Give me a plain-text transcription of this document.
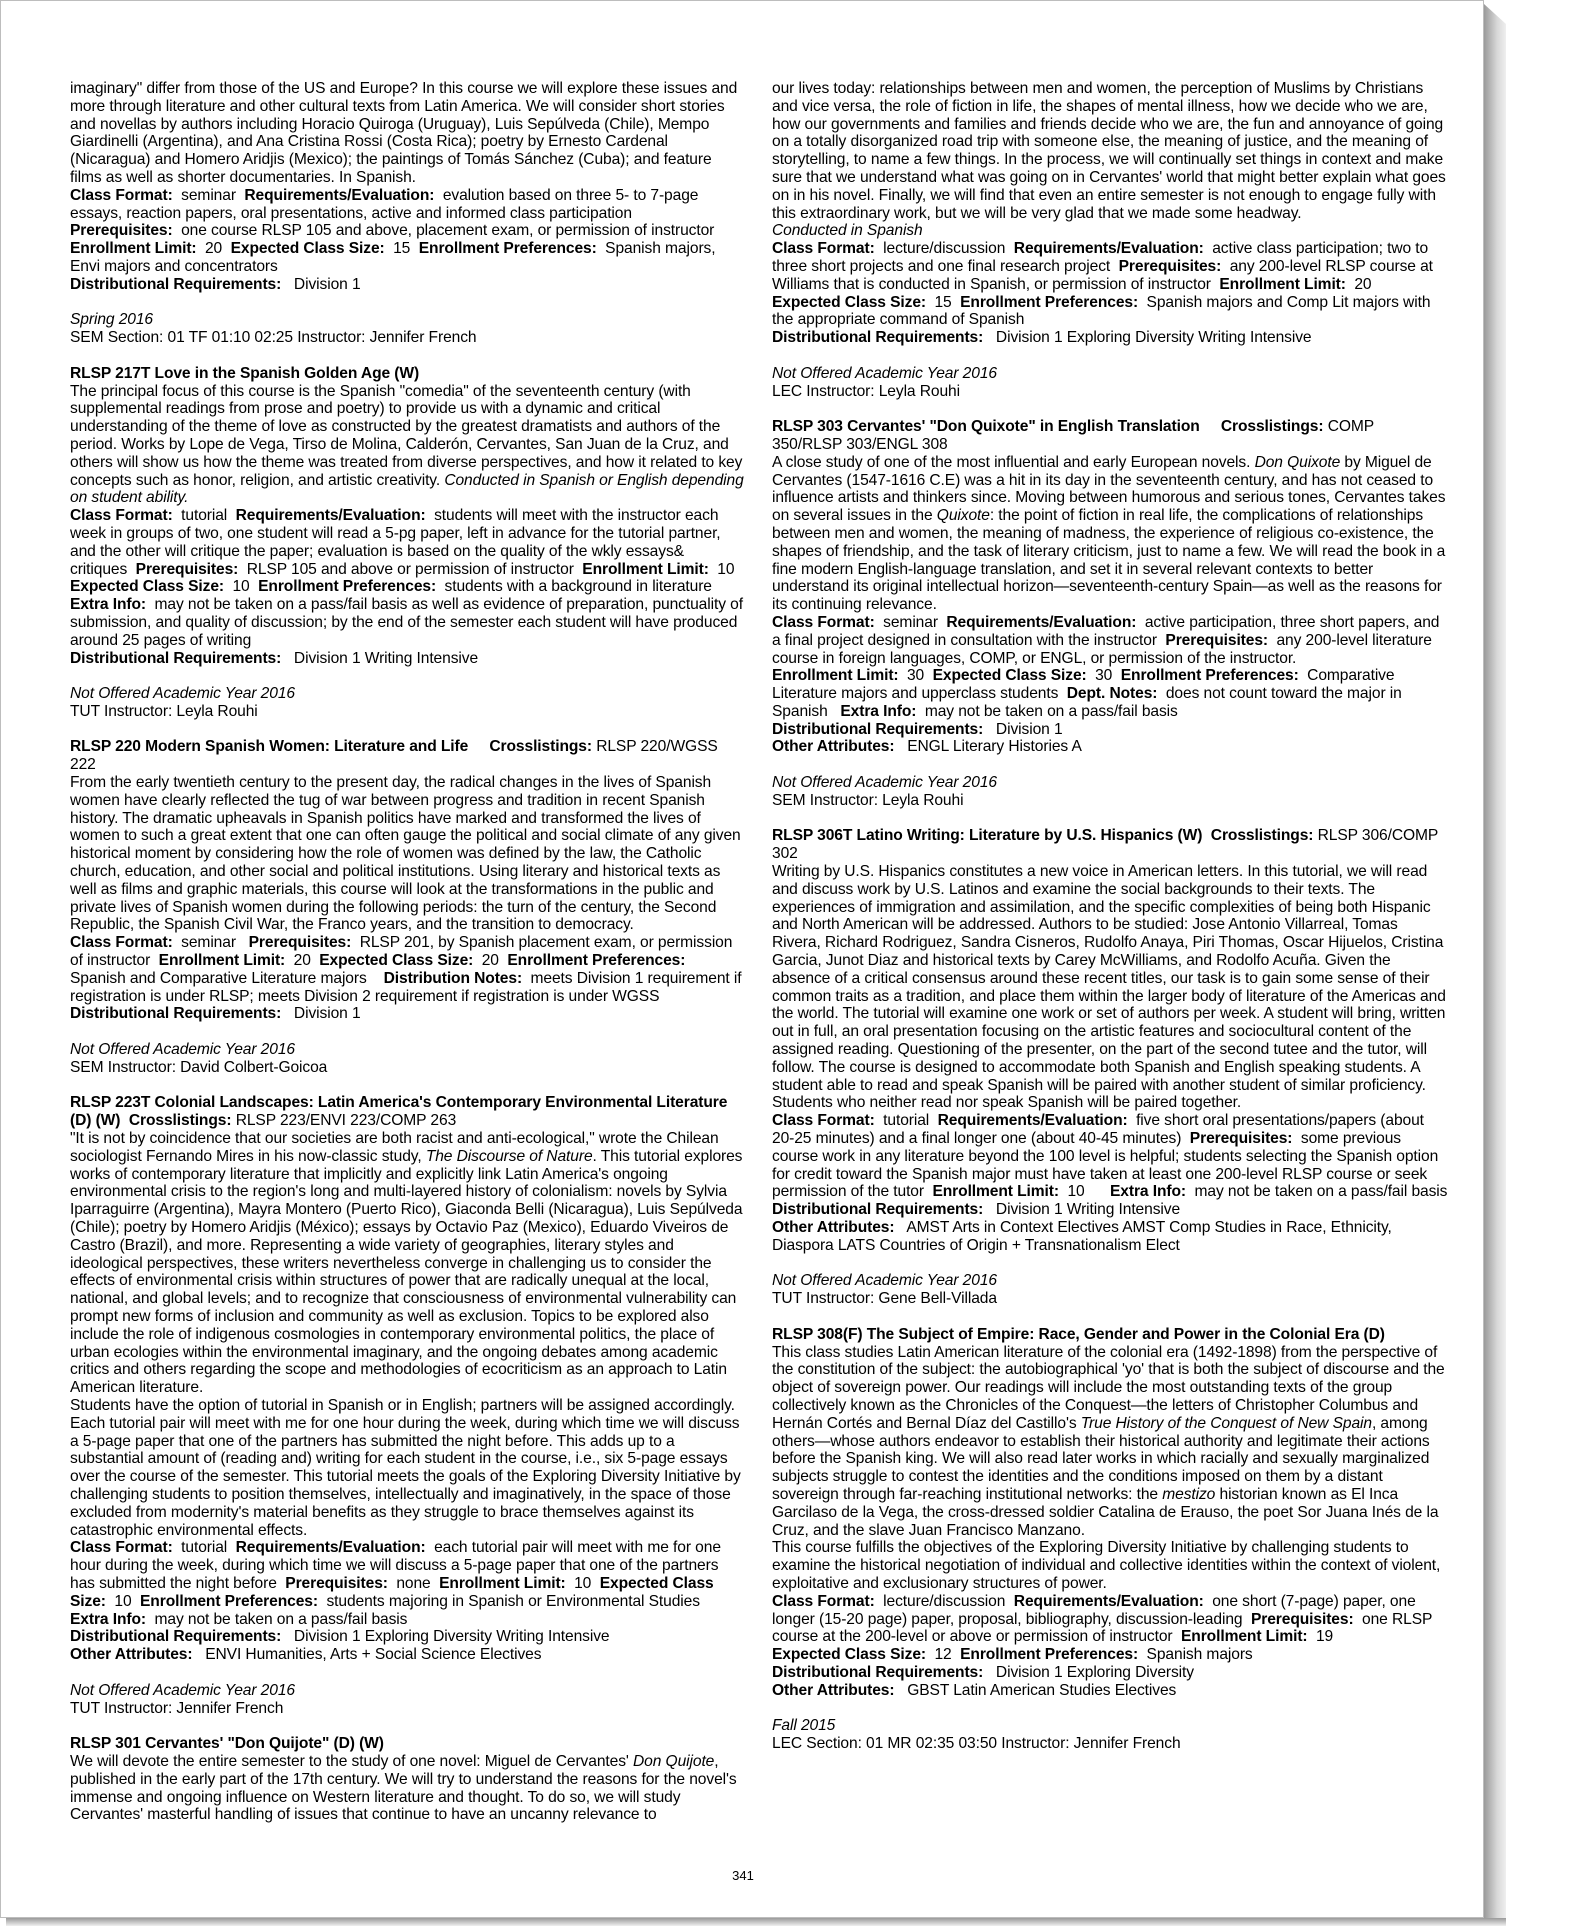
imaginary" differ from those of the US and Europe? In this course we will explore these issues and more through literature and other cultural texts from Latin America. We will consider short stories and novellas by authors including Horacio Quiroga (Uruguay), Luis Sepúlveda (Chile), Mempo Giardinelli (Argentina), and Ana Cristina Rossi (Costa Rica); poetry by Ernesto Cardenal (Nicaragua) and Homero Aridjis (Mexico); the paintings of Tomás Sánchez (Cuba); and feature films as well as shorter documentaries. In Spanish.

Class Format: seminar Requirements/Evaluation: evalution based on three 5- to 7-page essays, reaction papers, oral presentations, active and informed class participation
Prerequisites: one course RLSP 105 and above, placement exam, or permission of instructor
Enrollment Limit: 20 Expected Class Size: 15 Enrollment Preferences: Spanish majors, Envi majors and concentrators
Distributional Requirements: Division 1

Spring 2016

SEM Section: 01 TF 01:10 02:25 Instructor: Jennifer French

RLSP 217T Love in the Spanish Golden Age (W)

The principal focus of this course is the Spanish "comedia" of the seventeenth century (with supplemental readings from prose and poetry) to provide us with a dynamic and critical understanding of the theme of love as constructed by the greatest dramatists and authors of the period. Works by Lope de Vega, Tirso de Molina, Calderón, Cervantes, San Juan de la Cruz, and others will show us how the theme was treated from diverse perspectives, and how it related to key concepts such as honor, religion, and artistic creativity. Conducted in Spanish or English depending on student ability.

Class Format: tutorial Requirements/Evaluation: students will meet with the instructor each week in groups of two, one student will read a 5-pg paper, left in advance for the tutorial partner, and the other will critique the paper; evaluation is based on the quality of the wkly essays& critiques Prerequisites: RLSP 105 and above or permission of instructor Enrollment Limit: 10  Expected Class Size: 10 Enrollment Preferences: students with a background in literature     Extra Info: may not be taken on a pass/fail basis as well as evidence of preparation, punctuality of submission, and quality of discussion; by the end of the semester each student will have produced around 25 pages of writing
Distributional Requirements: Division 1 Writing Intensive

Not Offered Academic Year 2016

TUT Instructor: Leyla Rouhi

RLSP 220 Modern Spanish Women: Literature and Life Crosslistings: RLSP 220/WGSS 222

From the early twentieth century to the present day, the radical changes in the lives of Spanish women have clearly reflected the tug of war between progress and tradition in recent Spanish history. The dramatic upheavals in Spanish politics have marked and transformed the lives of women to such a great extent that one can often gauge the political and social climate of any given historical moment by considering how the role of women was defined by the law, the Catholic church, education, and other social and political institutions. Using literary and historical texts as well as films and graphic materials, this course will look at the transformations in the public and private lives of Spanish women during the following periods: the turn of the century, the Second Republic, the Spanish Civil War, the Franco years, and the transition to democracy.

Class Format: seminar Prerequisites: RLSP 201, by Spanish placement exam, or permission of instructor Enrollment Limit: 20 Expected Class Size: 20 Enrollment Preferences:  Spanish and Comparative Literature majors Distribution Notes: meets Division 1 requirement if registration is under RLSP; meets Division 2 requirement if registration is under WGSS
Distributional Requirements: Division 1

Not Offered Academic Year 2016

SEM Instructor: David Colbert-Goicoa

RLSP 223T Colonial Landscapes: Latin America's Contemporary Environmental Literature (D) (W) Crosslistings: RLSP 223/ENVI 223/COMP 263

"It is not by coincidence that our societies are both racist and anti-ecological," wrote the Chilean sociologist Fernando Mires in his now-classic study, The Discourse of Nature. This tutorial explores works of contemporary literature that implicitly and explicitly link Latin America's ongoing environmental crisis to the region's long and multi-layered history of colonialism: novels by Sylvia Iparraguirre (Argentina), Mayra Montero (Puerto Rico), Giaconda Belli (Nicaragua), Luis Sepúlveda (Chile); poetry by Homero Aridjis (México); essays by Octavio Paz (Mexico), Eduardo Viveiros de Castro (Brazil), and more. Representing a wide variety of geographies, literary styles and ideological perspectives, these writers nevertheless converge in challenging us to consider the effects of environmental crisis within structures of power that are radically unequal at the local, national, and global levels; and to recognize that consciousness of environmental vulnerability can prompt new forms of inclusion and community as well as exclusion. Topics to be explored also include the role of indigenous cosmologies in contemporary environmental politics, the place of urban ecologies within the environmental imaginary, and the ongoing debates among academic critics and others regarding the scope and methodologies of ecocriticism as an approach to Latin American literature.

Students have the option of tutorial in Spanish or in English; partners will be assigned accordingly. Each tutorial pair will meet with me for one hour during the week, during which time we will discuss a 5-page paper that one of the partners has submitted the night before. This adds up to a substantial amount of (reading and) writing for each student in the course, i.e., six 5-page essays over the course of the semester. This tutorial meets the goals of the Exploring Diversity Initiative by challenging students to position themselves, intellectually and imaginatively, in the space of those excluded from modernity's material benefits as they struggle to brace themselves against its catastrophic environmental effects.

Class Format: tutorial Requirements/Evaluation: each tutorial pair will meet with me for one hour during the week, during which time we will discuss a 5-page paper that one of the partners has submitted the night before Prerequisites: none Enrollment Limit: 10 Expected Class Size: 10 Enrollment Preferences: students majoring in Spanish or Environmental Studies
Extra Info: may not be taken on a pass/fail basis
Distributional Requirements: Division 1 Exploring Diversity Writing Intensive
Other Attributes: ENVI Humanities, Arts + Social Science Electives

Not Offered Academic Year 2016

TUT Instructor: Jennifer French

RLSP 301 Cervantes' "Don Quijote" (D) (W)

We will devote the entire semester to the study of one novel: Miguel de Cervantes' Don Quijote, published in the early part of the 17th century. We will try to understand the reasons for the novel's immense and ongoing influence on Western literature and thought. To do so, we will study Cervantes' masterful handling of issues that continue to have an uncanny relevance to

our lives today: relationships between men and women, the perception of Muslims by Christians and vice versa, the role of fiction in life, the shapes of mental illness, how we decide who we are, how our governments and families and friends decide who we are, the fun and annoyance of going on a totally disorganized road trip with someone else, the meaning of justice, and the meaning of storytelling, to name a few things. In the process, we will continually set things in context and make sure that we understand what was going on in Cervantes' world that might better explain what goes on in his novel. Finally, we will find that even an entire semester is not enough to engage fully with this extraordinary work, but we will be very glad that we made some headway.

Conducted in Spanish

Class Format: lecture/discussion Requirements/Evaluation: active class participation; two to three short projects and one final research project Prerequisites: any 200-level RLSP course at Williams that is conducted in Spanish, or permission of instructor Enrollment Limit: 20  Expected Class Size: 15 Enrollment Preferences: Spanish majors and Comp Lit majors with the appropriate command of Spanish
Distributional Requirements: Division 1 Exploring Diversity Writing Intensive

Not Offered Academic Year 2016

LEC Instructor: Leyla Rouhi

RLSP 303 Cervantes' "Don Quixote" in English Translation Crosslistings: COMP 350/RLSP 303/ENGL 308

A close study of one of the most influential and early European novels. Don Quixote by Miguel de Cervantes (1547-1616 C.E) was a hit in its day in the seventeenth century, and has not ceased to influence artists and thinkers since. Moving between humorous and serious tones, Cervantes takes on several issues in the Quixote: the point of fiction in real life, the complications of relationships between men and women, the meaning of madness, the experience of religious co-existence, the shapes of friendship, and the task of literary criticism, just to name a few. We will read the book in a fine modern English-language translation, and set it in several relevant contexts to better understand its original intellectual horizon—seventeenth-century Spain—as well as the reasons for its continuing relevance.

Class Format: seminar Requirements/Evaluation: active participation, three short papers, and a final project designed in consultation with the instructor Prerequisites: any 200-level literature course in foreign languages, COMP, or ENGL, or permission of the instructor.
Enrollment Limit: 30 Expected Class Size: 30 Enrollment Preferences: Comparative Literature majors and upperclass students Dept. Notes: does not count toward the major in Spanish Extra Info: may not be taken on a pass/fail basis
Distributional Requirements: Division 1
Other Attributes: ENGL Literary Histories A

Not Offered Academic Year 2016

SEM Instructor: Leyla Rouhi

RLSP 306T Latino Writing: Literature by U.S. Hispanics (W) Crosslistings: RLSP 306/COMP 302

Writing by U.S. Hispanics constitutes a new voice in American letters. In this tutorial, we will read and discuss work by U.S. Latinos and examine the social backgrounds to their texts. The experiences of immigration and assimilation, and the specific complexities of being both Hispanic and North American will be addressed. Authors to be studied: Jose Antonio Villarreal, Tomas Rivera, Richard Rodriguez, Sandra Cisneros, Rudolfo Anaya, Piri Thomas, Oscar Hijuelos, Cristina Garcia, Junot Diaz and historical texts by Carey McWilliams, and Rodolfo Acuña. Given the absence of a critical consensus around these recent titles, our task is to gain some sense of their common traits as a tradition, and place them within the larger body of literature of the Americas and the world. The tutorial will examine one work or set of authors per week. A student will bring, written out in full, an oral presentation focusing on the artistic features and sociocultural content of the assigned reading. Questioning of the presenter, on the part of the second tutee and the tutor, will follow. The course is designed to accommodate both Spanish and English speaking students. A student able to read and speak Spanish will be paired with another student of similar proficiency. Students who neither read nor speak Spanish will be paired together.

Class Format: tutorial Requirements/Evaluation: five short oral presentations/papers (about 20-25 minutes) and a final longer one (about 40-45 minutes) Prerequisites: some previous course work in any literature beyond the 100 level is helpful; students selecting the Spanish option for credit toward the Spanish major must have taken at least one 200-level RLSP course or seek permission of the tutor Enrollment Limit: 10 Extra Info: may not be taken on a pass/fail basis
Distributional Requirements: Division 1 Writing Intensive
Other Attributes: AMST Arts in Context Electives AMST Comp Studies in Race, Ethnicity, Diaspora LATS Countries of Origin + Transnationalism Elect

Not Offered Academic Year 2016

TUT Instructor: Gene Bell-Villada

RLSP 308(F) The Subject of Empire: Race, Gender and Power in the Colonial Era (D)

This class studies Latin American literature of the colonial era (1492-1898) from the perspective of the constitution of the subject: the autobiographical 'yo' that is both the subject of discourse and the object of sovereign power. Our readings will include the most outstanding texts of the group collectively known as the Chronicles of the Conquest—the letters of Christopher Columbus and Hernán Cortés and Bernal Díaz del Castillo's True History of the Conquest of New Spain, among others—whose authors endeavor to establish their historical authority and legitimate their actions before the Spanish king. We will also read later works in which racially and sexually marginalized subjects struggle to contest the identities and the conditions imposed on them by a distant sovereign through far-reaching institutional networks: the mestizo historian known as El Inca Garcilaso de la Vega, the cross-dressed soldier Catalina de Erauso, the poet Sor Juana Inés de la Cruz, and the slave Juan Francisco Manzano.

This course fulfills the objectives of the Exploring Diversity Initiative by challenging students to examine the historical negotiation of individual and collective identities within the context of violent, exploitative and exclusionary structures of power.

Class Format: lecture/discussion Requirements/Evaluation: one short (7-page) paper, one longer (15-20 page) paper, proposal, bibliography, discussion-leading Prerequisites: one RLSP course at the 200-level or above or permission of instructor Enrollment Limit: 19
Expected Class Size: 12 Enrollment Preferences: Spanish majors
Distributional Requirements: Division 1 Exploring Diversity
Other Attributes: GBST Latin American Studies Electives

Fall 2015

LEC Section: 01 MR 02:35 03:50 Instructor: Jennifer French

341
